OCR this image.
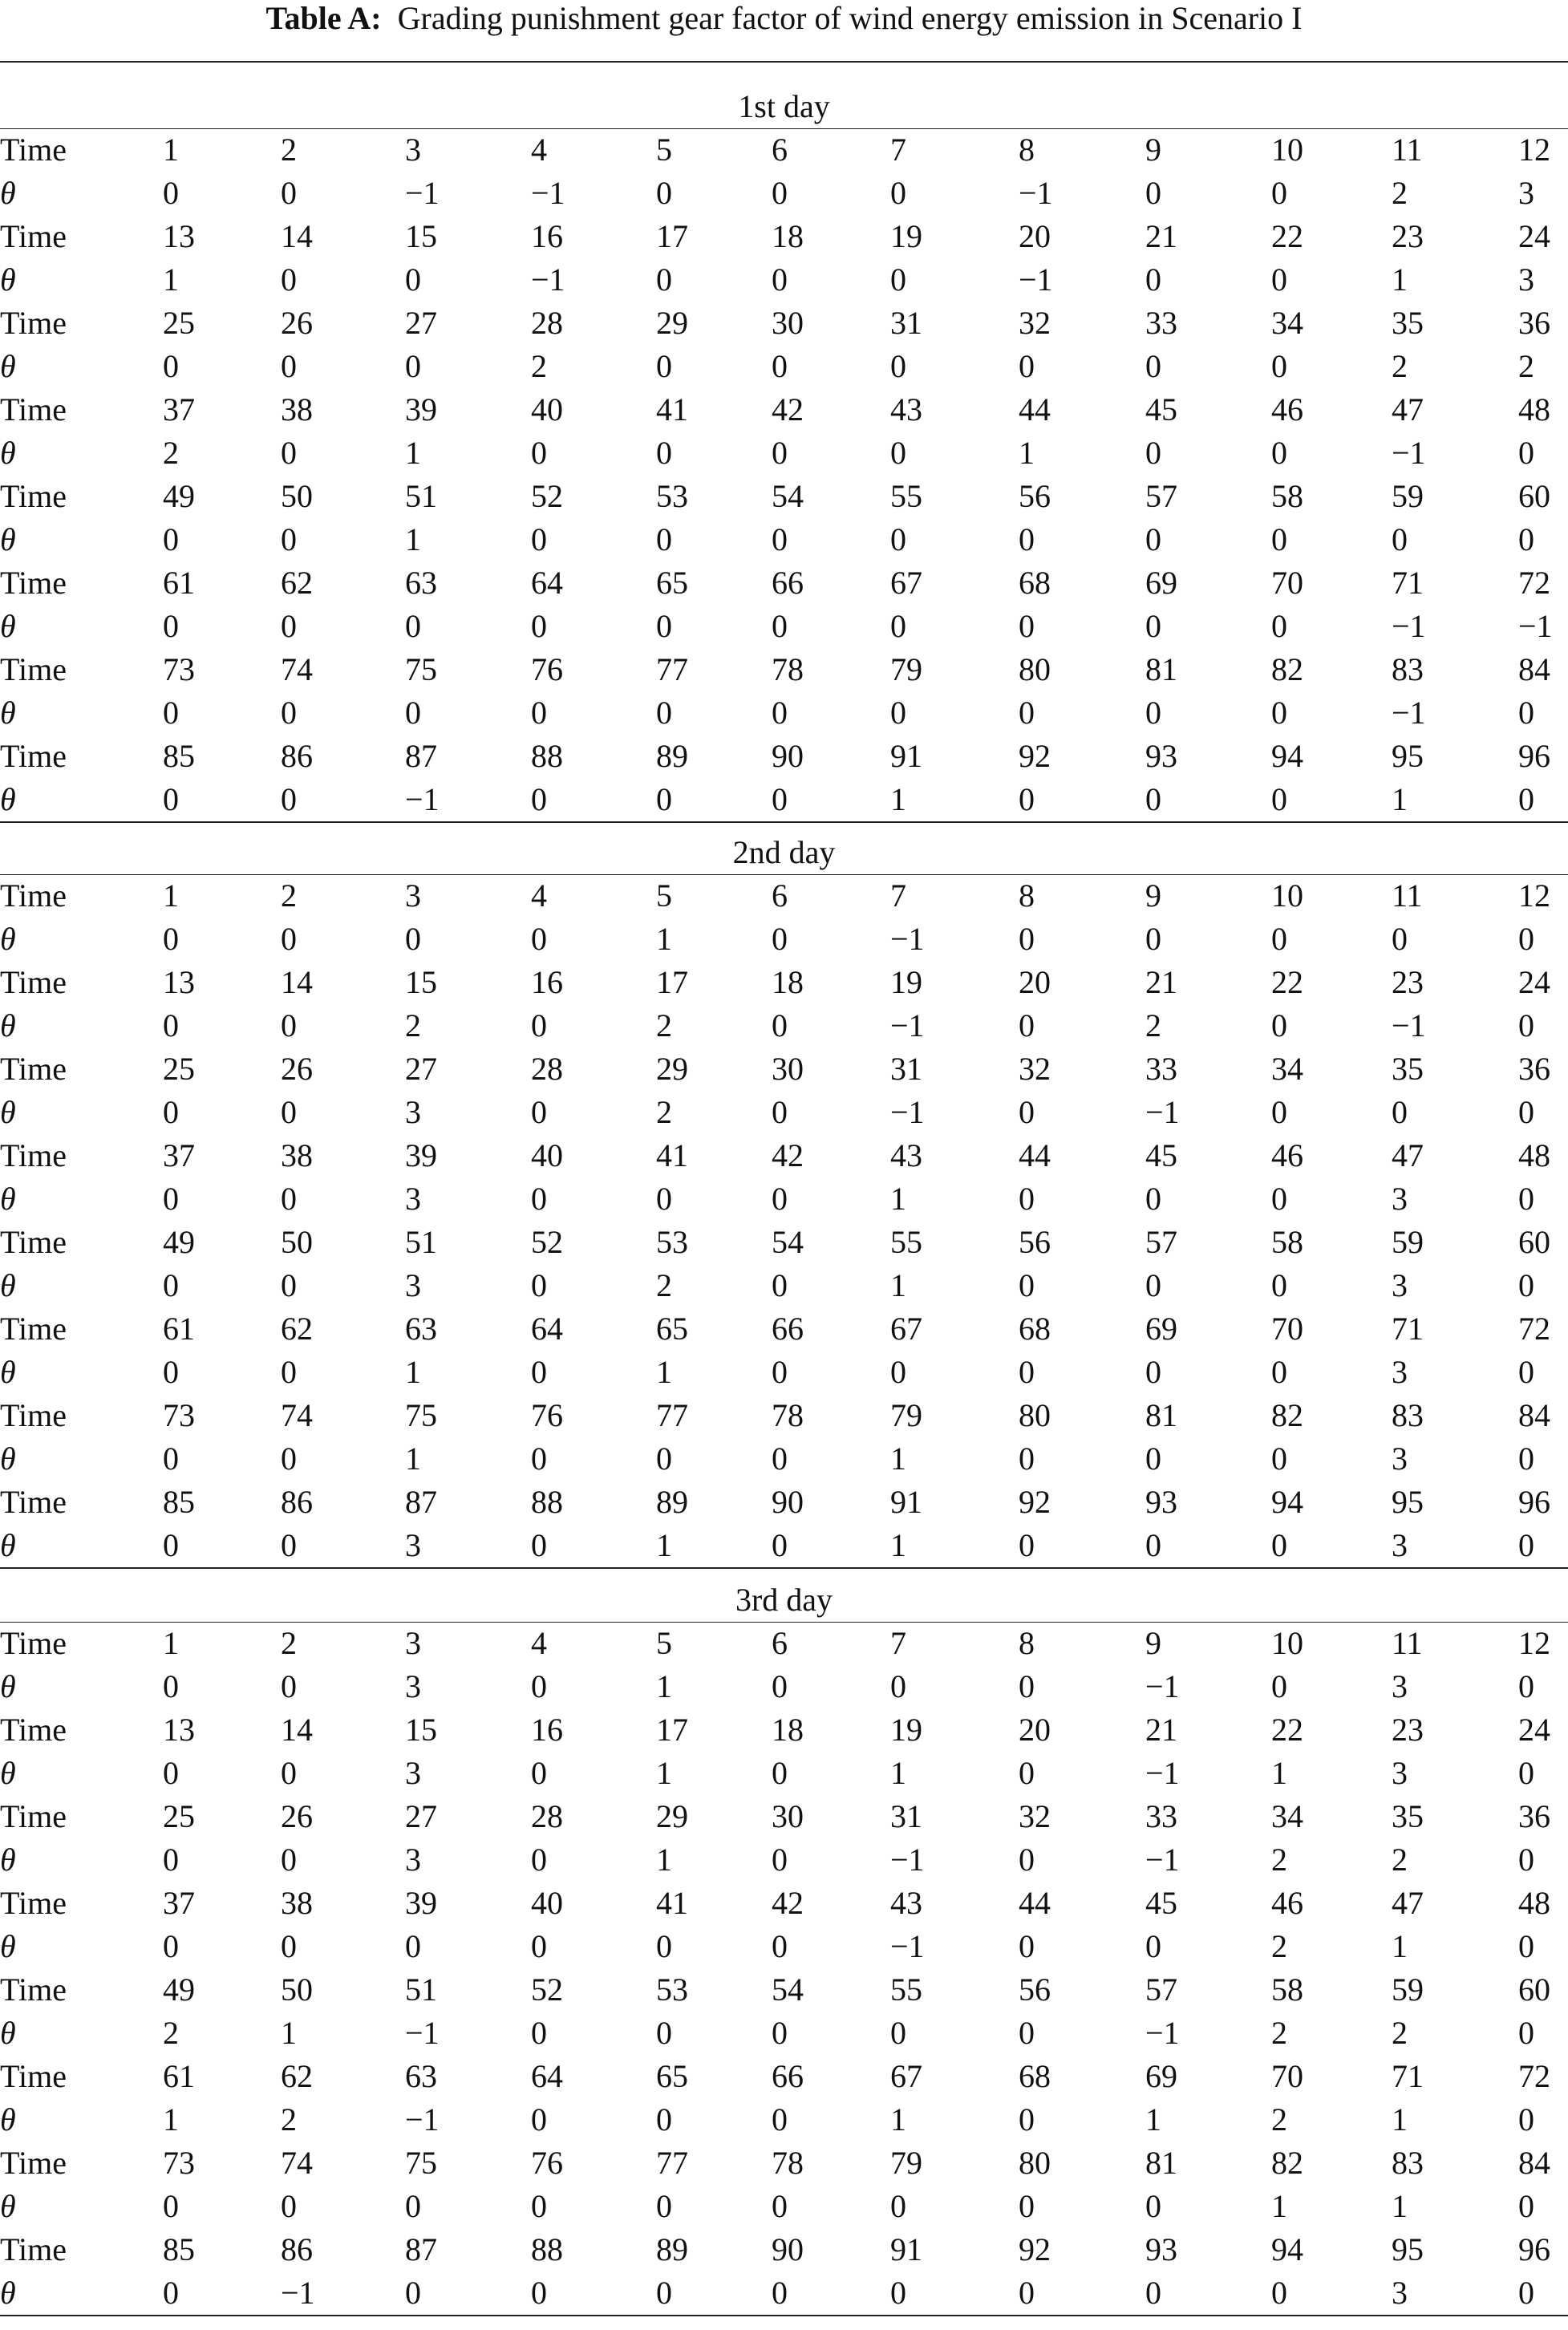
Table A: Grading punishment gear factor of wind energy emission in Scenario I
1st day
Time	1	2	3	4	5	6	7	8	9	10	11	12
θ	0	0	−1	−1	0	0	0	−1	0	0	2	3
Time	13	14	15	16	17	18	19	20	21	22	23	24
θ	1	0	0	−1	0	0	0	−1	0	0	1	3
Time	25	26	27	28	29	30	31	32	33	34	35	36
θ	0	0	0	2	0	0	0	0	0	0	2	2
Time	37	38	39	40	41	42	43	44	45	46	47	48
θ	2	0	1	0	0	0	0	1	0	0	−1	0
Time	49	50	51	52	53	54	55	56	57	58	59	60
θ	0	0	1	0	0	0	0	0	0	0	0	0
Time	61	62	63	64	65	66	67	68	69	70	71	72
θ	0	0	0	0	0	0	0	0	0	0	−1	−1
Time	73	74	75	76	77	78	79	80	81	82	83	84
θ	0	0	0	0	0	0	0	0	0	0	−1	0
Time	85	86	87	88	89	90	91	92	93	94	95	96
θ	0	0	−1	0	0	0	1	0	0	0	1	0
2nd day
Time	1	2	3	4	5	6	7	8	9	10	11	12
θ	0	0	0	0	1	0	−1	0	0	0	0	0
Time	13	14	15	16	17	18	19	20	21	22	23	24
θ	0	0	2	0	2	0	−1	0	2	0	−1	0
Time	25	26	27	28	29	30	31	32	33	34	35	36
θ	0	0	3	0	2	0	−1	0	−1	0	0	0
Time	37	38	39	40	41	42	43	44	45	46	47	48
θ	0	0	3	0	0	0	1	0	0	0	3	0
Time	49	50	51	52	53	54	55	56	57	58	59	60
θ	0	0	3	0	2	0	1	0	0	0	3	0
Time	61	62	63	64	65	66	67	68	69	70	71	72
θ	0	0	1	0	1	0	0	0	0	0	3	0
Time	73	74	75	76	77	78	79	80	81	82	83	84
θ	0	0	1	0	0	0	1	0	0	0	3	0
Time	85	86	87	88	89	90	91	92	93	94	95	96
θ	0	0	3	0	1	0	1	0	0	0	3	0
3rd day
Time	1	2	3	4	5	6	7	8	9	10	11	12
θ	0	0	3	0	1	0	0	0	−1	0	3	0
Time	13	14	15	16	17	18	19	20	21	22	23	24
θ	0	0	3	0	1	0	1	0	−1	1	3	0
Time	25	26	27	28	29	30	31	32	33	34	35	36
θ	0	0	3	0	1	0	−1	0	−1	2	2	0
Time	37	38	39	40	41	42	43	44	45	46	47	48
θ	0	0	0	0	0	0	−1	0	0	2	1	0
Time	49	50	51	52	53	54	55	56	57	58	59	60
θ	2	1	−1	0	0	0	0	0	−1	2	2	0
Time	61	62	63	64	65	66	67	68	69	70	71	72
θ	1	2	−1	0	0	0	1	0	1	2	1	0
Time	73	74	75	76	77	78	79	80	81	82	83	84
θ	0	0	0	0	0	0	0	0	0	1	1	0
Time	85	86	87	88	89	90	91	92	93	94	95	96
θ	0	−1	0	0	0	0	0	0	0	0	3	0
